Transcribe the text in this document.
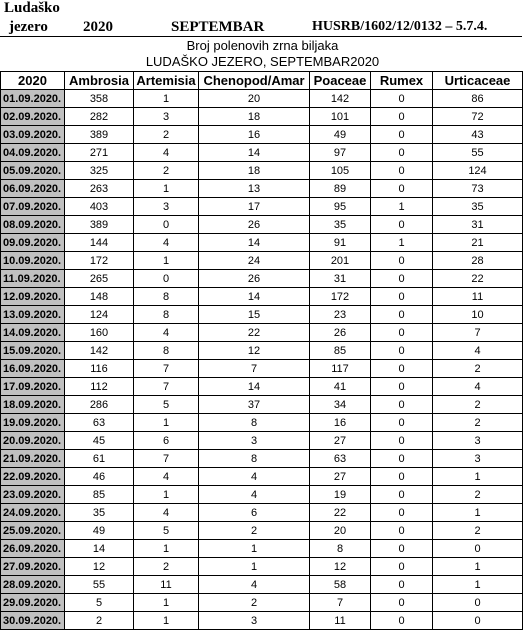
Ludaško
jezero 2020	SEPTEMBAR	HUSRB/1602/12/0132 – 5.7.4.
Broj polenovih zrna biljaka
LUDAŠKO JEZERO, SEPTEMBAR2020
2020	Ambrosia	Artemisia	Chenopod/Amar	Poaceae	Rumex	Urticaceae
01.09.2020.	358	1	20	142	0	86
02.09.2020.	282	3	18	101	0	72
03.09.2020.	389	2	16	49	0	43
04.09.2020.	271	4	14	97	0	55
05.09.2020.	325	2	18	105	0	124
06.09.2020.	263	1	13	89	0	73
07.09.2020.	403	3	17	95	1	35
08.09.2020.	389	0	26	35	0	31
09.09.2020.	144	4	14	91	1	21
10.09.2020.	172	1	24	201	0	28
11.09.2020.	265	0	26	31	0	22
12.09.2020.	148	8	14	172	0	11
13.09.2020.	124	8	15	23	0	10
14.09.2020.	160	4	22	26	0	7
15.09.2020.	142	8	12	85	0	4
16.09.2020.	116	7	7	117	0	2
17.09.2020.	112	7	14	41	0	4
18.09.2020.	286	5	37	34	0	2
19.09.2020.	63	1	8	16	0	2
20.09.2020.	45	6	3	27	0	3
21.09.2020.	61	7	8	63	0	3
22.09.2020.	46	4	4	27	0	1
23.09.2020.	85	1	4	19	0	2
24.09.2020.	35	4	6	22	0	1
25.09.2020.	49	5	2	20	0	2
26.09.2020.	14	1	1	8	0	0
27.09.2020.	12	2	1	12	0	1
28.09.2020.	55	11	4	58	0	1
29.09.2020.	5	1	2	7	0	0
30.09.2020.	2	1	3	11	0	0
